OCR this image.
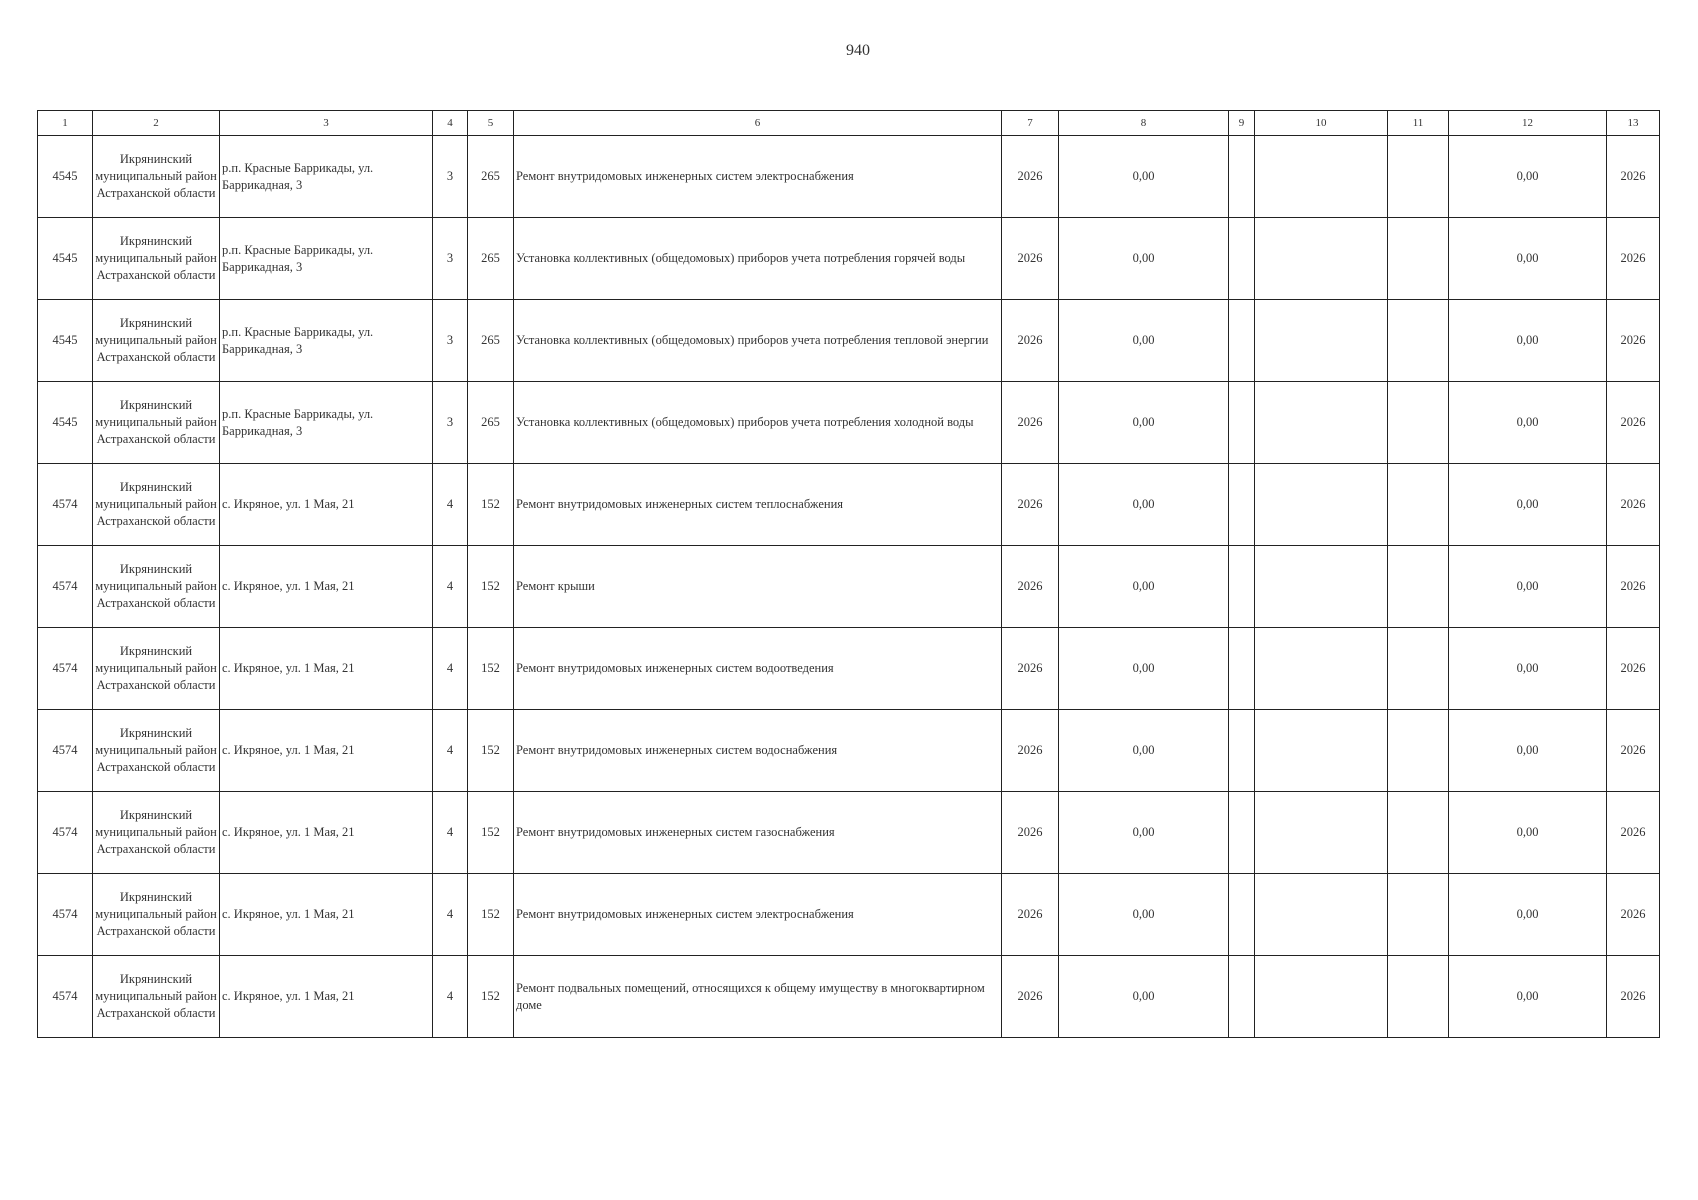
940
1	2	3	4	5	6	7	8	9	10	11	12	13
4545	Икрянинский муниципальный район Астраханской области	р.п. Красные Баррикады, ул. Баррикадная, 3	3	265	Ремонт внутридомовых инженерных систем электроснабжения	2026	0,00				0,00	2026
4545	Икрянинский муниципальный район Астраханской области	р.п. Красные Баррикады, ул. Баррикадная, 3	3	265	Установка коллективных (общедомовых) приборов учета потребления горячей воды	2026	0,00				0,00	2026
4545	Икрянинский муниципальный район Астраханской области	р.п. Красные Баррикады, ул. Баррикадная, 3	3	265	Установка коллективных (общедомовых) приборов учета потребления тепловой энергии	2026	0,00				0,00	2026
4545	Икрянинский муниципальный район Астраханской области	р.п. Красные Баррикады, ул. Баррикадная, 3	3	265	Установка коллективных (общедомовых) приборов учета потребления холодной воды	2026	0,00				0,00	2026
4574	Икрянинский муниципальный район Астраханской области	с. Икряное, ул. 1 Мая, 21	4	152	Ремонт внутридомовых инженерных систем теплоснабжения	2026	0,00				0,00	2026
4574	Икрянинский муниципальный район Астраханской области	с. Икряное, ул. 1 Мая, 21	4	152	Ремонт крыши	2026	0,00				0,00	2026
4574	Икрянинский муниципальный район Астраханской области	с. Икряное, ул. 1 Мая, 21	4	152	Ремонт внутридомовых инженерных систем водоотведения	2026	0,00				0,00	2026
4574	Икрянинский муниципальный район Астраханской области	с. Икряное, ул. 1 Мая, 21	4	152	Ремонт внутридомовых инженерных систем водоснабжения	2026	0,00				0,00	2026
4574	Икрянинский муниципальный район Астраханской области	с. Икряное, ул. 1 Мая, 21	4	152	Ремонт внутридомовых инженерных систем газоснабжения	2026	0,00				0,00	2026
4574	Икрянинский муниципальный район Астраханской области	с. Икряное, ул. 1 Мая, 21	4	152	Ремонт внутридомовых инженерных систем электроснабжения	2026	0,00				0,00	2026
4574	Икрянинский муниципальный район Астраханской области	с. Икряное, ул. 1 Мая, 21	4	152	Ремонт подвальных помещений, относящихся к общему имуществу в многоквартирном доме	2026	0,00				0,00	2026
